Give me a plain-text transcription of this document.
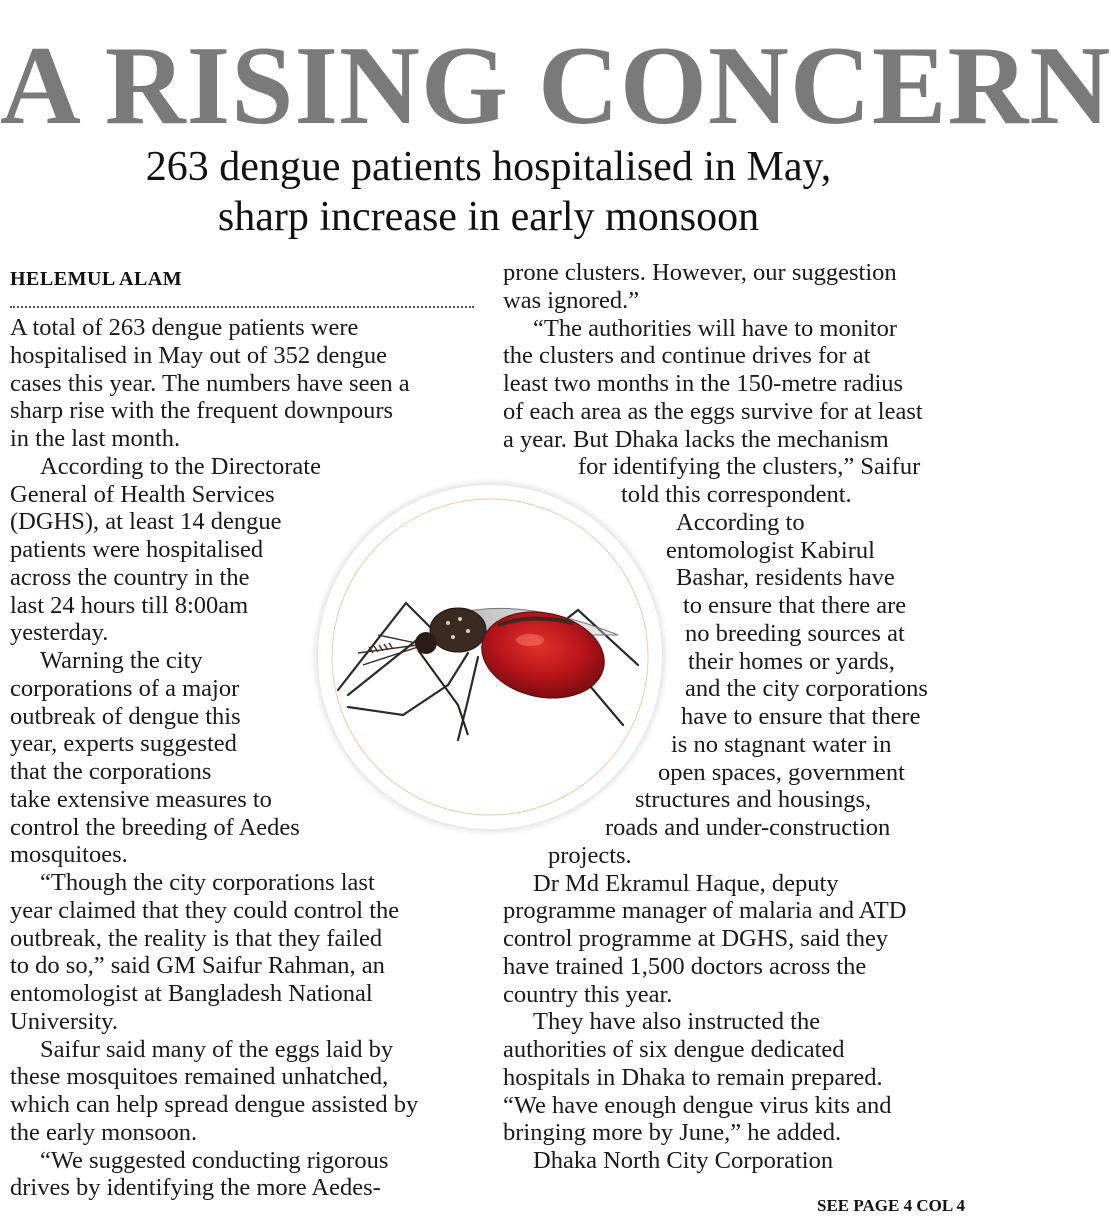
A RISING CONCERN
263 dengue patients hospitalised in May,
sharp increase in early monsoon
HELEMUL ALAM
A total of 263 dengue patients were
hospitalised in May out of 352 dengue
cases this year. The numbers have seen a
sharp rise with the frequent downpours
in the last month.
According to the Directorate
General of Health Services
(DGHS), at least 14 dengue
patients were hospitalised
across the country in the
last 24 hours till 8:00am
yesterday.
Warning the city
corporations of a major
outbreak of dengue this
year, experts suggested
that the corporations
take extensive measures to
control the breeding of Aedes
mosquitoes.
“Though the city corporations last
year claimed that they could control the
outbreak, the reality is that they failed
to do so,” said GM Saifur Rahman, an
entomologist at Bangladesh National
University.
Saifur said many of the eggs laid by
these mosquitoes remained unhatched,
which can help spread dengue assisted by
the early monsoon.
“We suggested conducting rigorous
drives by identifying the more Aedes-
prone clusters. However, our suggestion
was ignored.”
“The authorities will have to monitor
the clusters and continue drives for at
least two months in the 150-metre radius
of each area as the eggs survive for at least
a year. But Dhaka lacks the mechanism
for identifying the clusters,” Saifur
told this correspondent.
According to
entomologist Kabirul
Bashar, residents have
to ensure that there are
no breeding sources at
their homes or yards,
and the city corporations
have to ensure that there
is no stagnant water in
open spaces, government
structures and housings,
roads and under-construction
projects.
Dr Md Ekramul Haque, deputy
programme manager of malaria and ATD
control programme at DGHS, said they
have trained 1,500 doctors across the
country this year.
They have also instructed the
authorities of six dengue dedicated
hospitals in Dhaka to remain prepared.
“We have enough dengue virus kits and
bringing more by June,” he added.
Dhaka North City Corporation
SEE PAGE 4 COL 4
